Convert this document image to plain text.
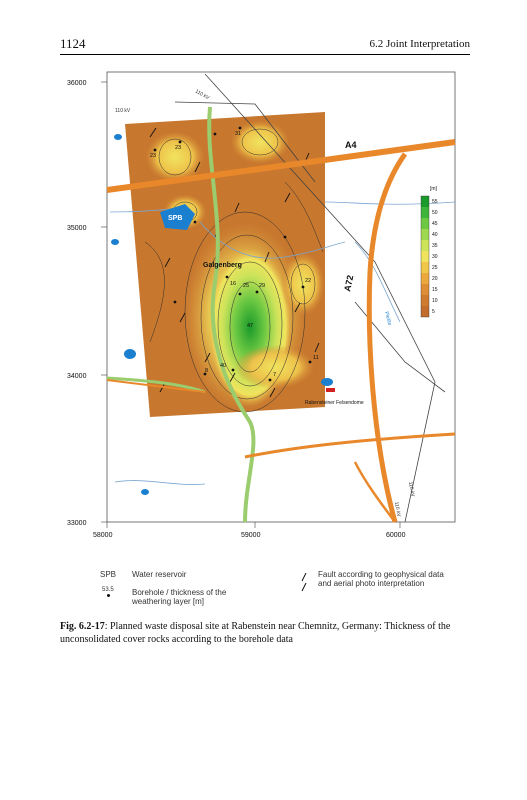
1124	6.2 Joint Interpretation
23
23
31
16 25 29
47
22
40
7
11
8
A4
A72
SPB
Galgenberg
Rabensteiner Felsendome
Pleiße
110 kV
110 kV
110 kV
110 kV
36000
35000
34000
33000
58000	59000	60000
[m]
55
50
45
40
35
30
25
20
15
10
5
SPB	Water reservoir
53.5 Borehole / thickness of the weathering layer [m]
Fault according to geophysical data and aerial photo interpretation
Fig. 6.2-17: Planned waste disposal site at Rabenstein near Chemnitz, Germany: Thickness of the unconsolidated cover rocks according to the borehole data
